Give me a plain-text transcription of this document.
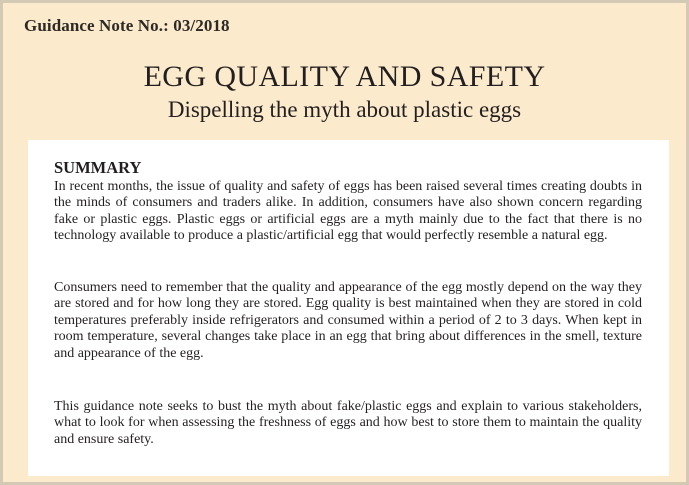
Guidance Note No.: 03/2018
EGG QUALITY AND SAFETY
Dispelling the myth about plastic eggs
SUMMARY

In recent months, the issue of quality and safety of eggs has been raised several times creating doubts in the minds of consumers and traders alike. In addition, consumers have also shown concern regarding fake or plastic eggs. Plastic eggs or artificial eggs are a myth mainly due to the fact that there is no technology available to produce a plastic/artificial egg that would perfectly resemble a natural egg.

Consumers need to remember that the quality and appearance of the egg mostly depend on the way they are stored and for how long they are stored. Egg quality is best maintained when they are stored in cold temperatures preferably inside refrigerators and consumed within a period of 2 to 3 days. When kept in room temperature, several changes take place in an egg that bring about differences in the smell, texture and appearance of the egg.

This guidance note seeks to bust the myth about fake/plastic eggs and explain to various stakeholders, what to look for when assessing the freshness of eggs and how best to store them to maintain the quality and ensure safety.
